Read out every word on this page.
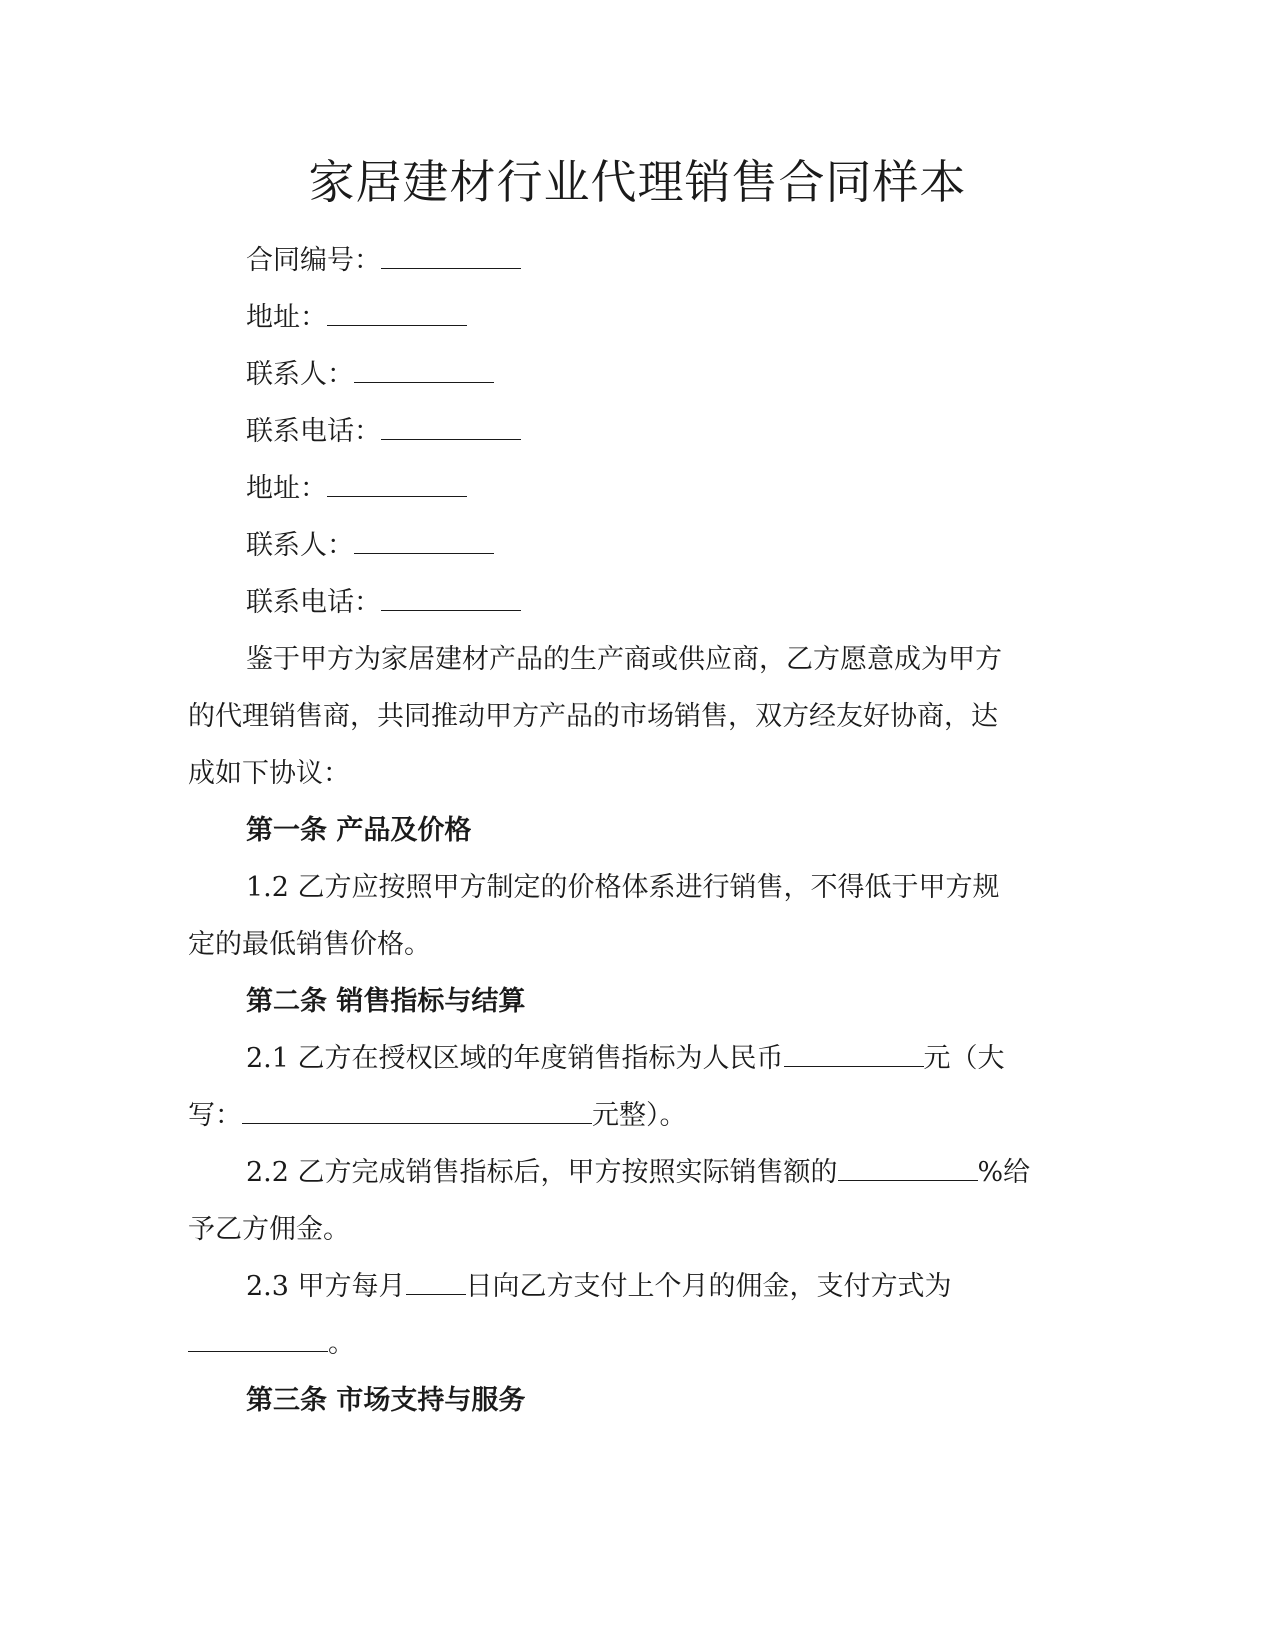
家居建材行业代理销售合同样本
合同编号：
地址：
联系人：
联系电话：
地址：
联系人：
联系电话：
鉴于甲方为家居建材产品的生产商或供应商，乙方愿意成为甲方
的代理销售商，共同推动甲方产品的市场销售，双方经友好协商，达
成如下协议：
第一条 产品及价格
1.2 乙方应按照甲方制定的价格体系进行销售，不得低于甲方规
定的最低销售价格。
第二条 销售指标与结算
2.1 乙方在授权区域的年度销售指标为人民币	元（大
写：	元整）。
2.2 乙方完成销售指标后，甲方按照实际销售额的	%给
予乙方佣金。
2.3 甲方每月 日向乙方支付上个月的佣金，支付方式为
。
第三条 市场支持与服务
